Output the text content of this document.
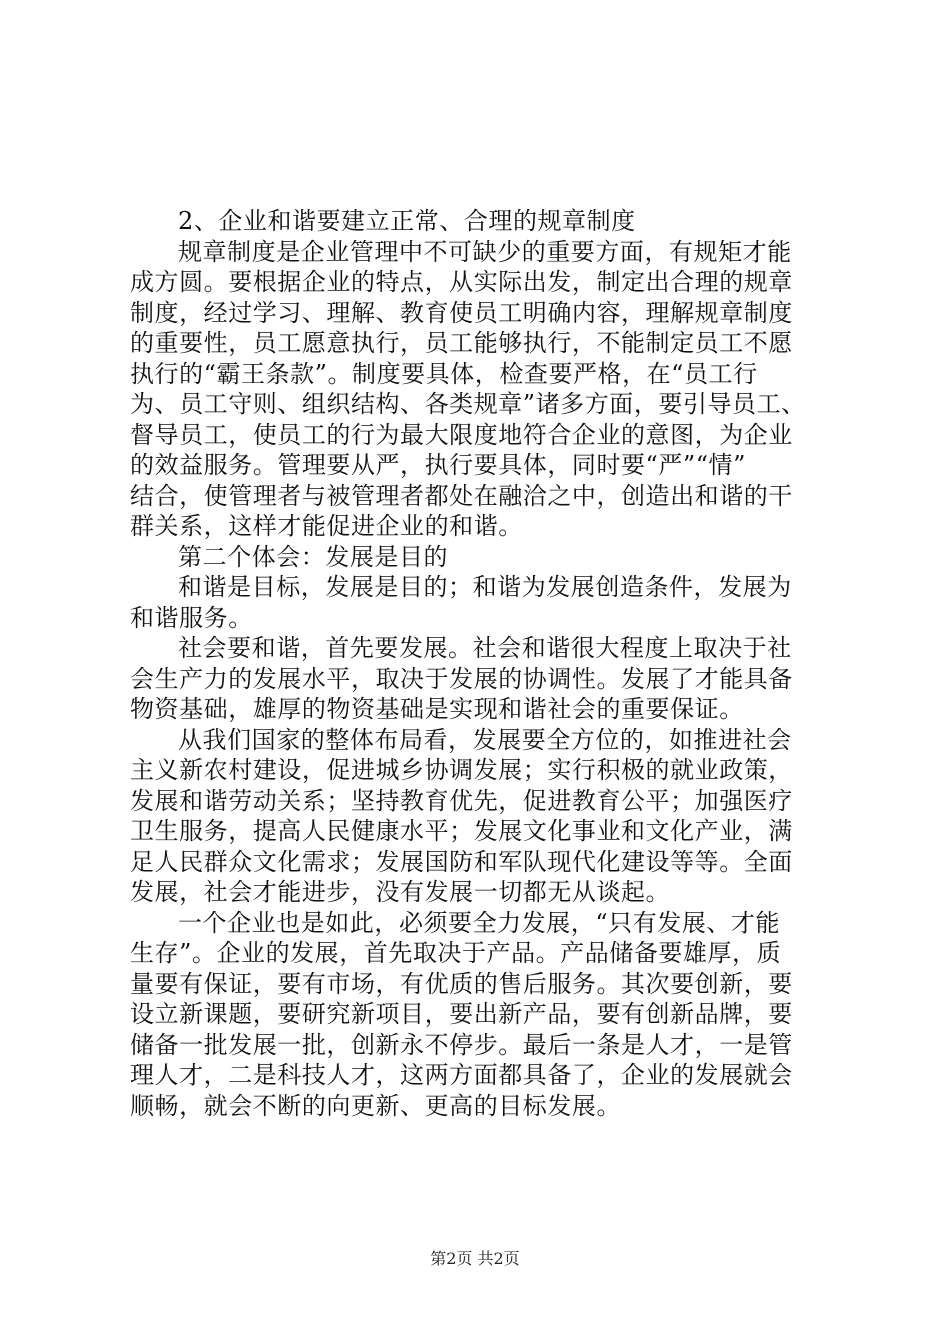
2、企业和谐要建立正常、合理的规章制度
规章制度是企业管理中不可缺少的重要方面，有规矩才能
成方圆。要根据企业的特点，从实际出发，制定出合理的规章
制度，经过学习、理解、教育使员工明确内容，理解规章制度
的重要性，员工愿意执行，员工能够执行，不能制定员工不愿
执行的“霸王条款”。制度要具体，检查要严格，在“员工行
为、员工守则、组织结构、各类规章”诸多方面，要引导员工、
督导员工，使员工的行为最大限度地符合企业的意图，为企业
的效益服务。管理要从严，执行要具体，同时要“严”“情”
结合，使管理者与被管理者都处在融洽之中，创造出和谐的干
群关系，这样才能促进企业的和谐。
第二个体会：发展是目的
和谐是目标，发展是目的；和谐为发展创造条件，发展为
和谐服务。
社会要和谐，首先要发展。社会和谐很大程度上取决于社
会生产力的发展水平，取决于发展的协调性。发展了才能具备
物资基础，雄厚的物资基础是实现和谐社会的重要保证。
从我们国家的整体布局看，发展要全方位的，如推进社会
主义新农村建设，促进城乡协调发展；实行积极的就业政策，
发展和谐劳动关系；坚持教育优先，促进教育公平；加强医疗
卫生服务，提高人民健康水平；发展文化事业和文化产业，满
足人民群众文化需求；发展国防和军队现代化建设等等。全面
发展，社会才能进步，没有发展一切都无从谈起。
一个企业也是如此，必须要全力发展，“只有发展、才能
生存”。企业的发展，首先取决于产品。产品储备要雄厚，质
量要有保证，要有市场，有优质的售后服务。其次要创新，要
设立新课题，要研究新项目，要出新产品，要有创新品牌，要
储备一批发展一批，创新永不停步。最后一条是人才，一是管
理人才，二是科技人才，这两方面都具备了，企业的发展就会
顺畅，就会不断的向更新、更高的目标发展。
第2页 共2页
